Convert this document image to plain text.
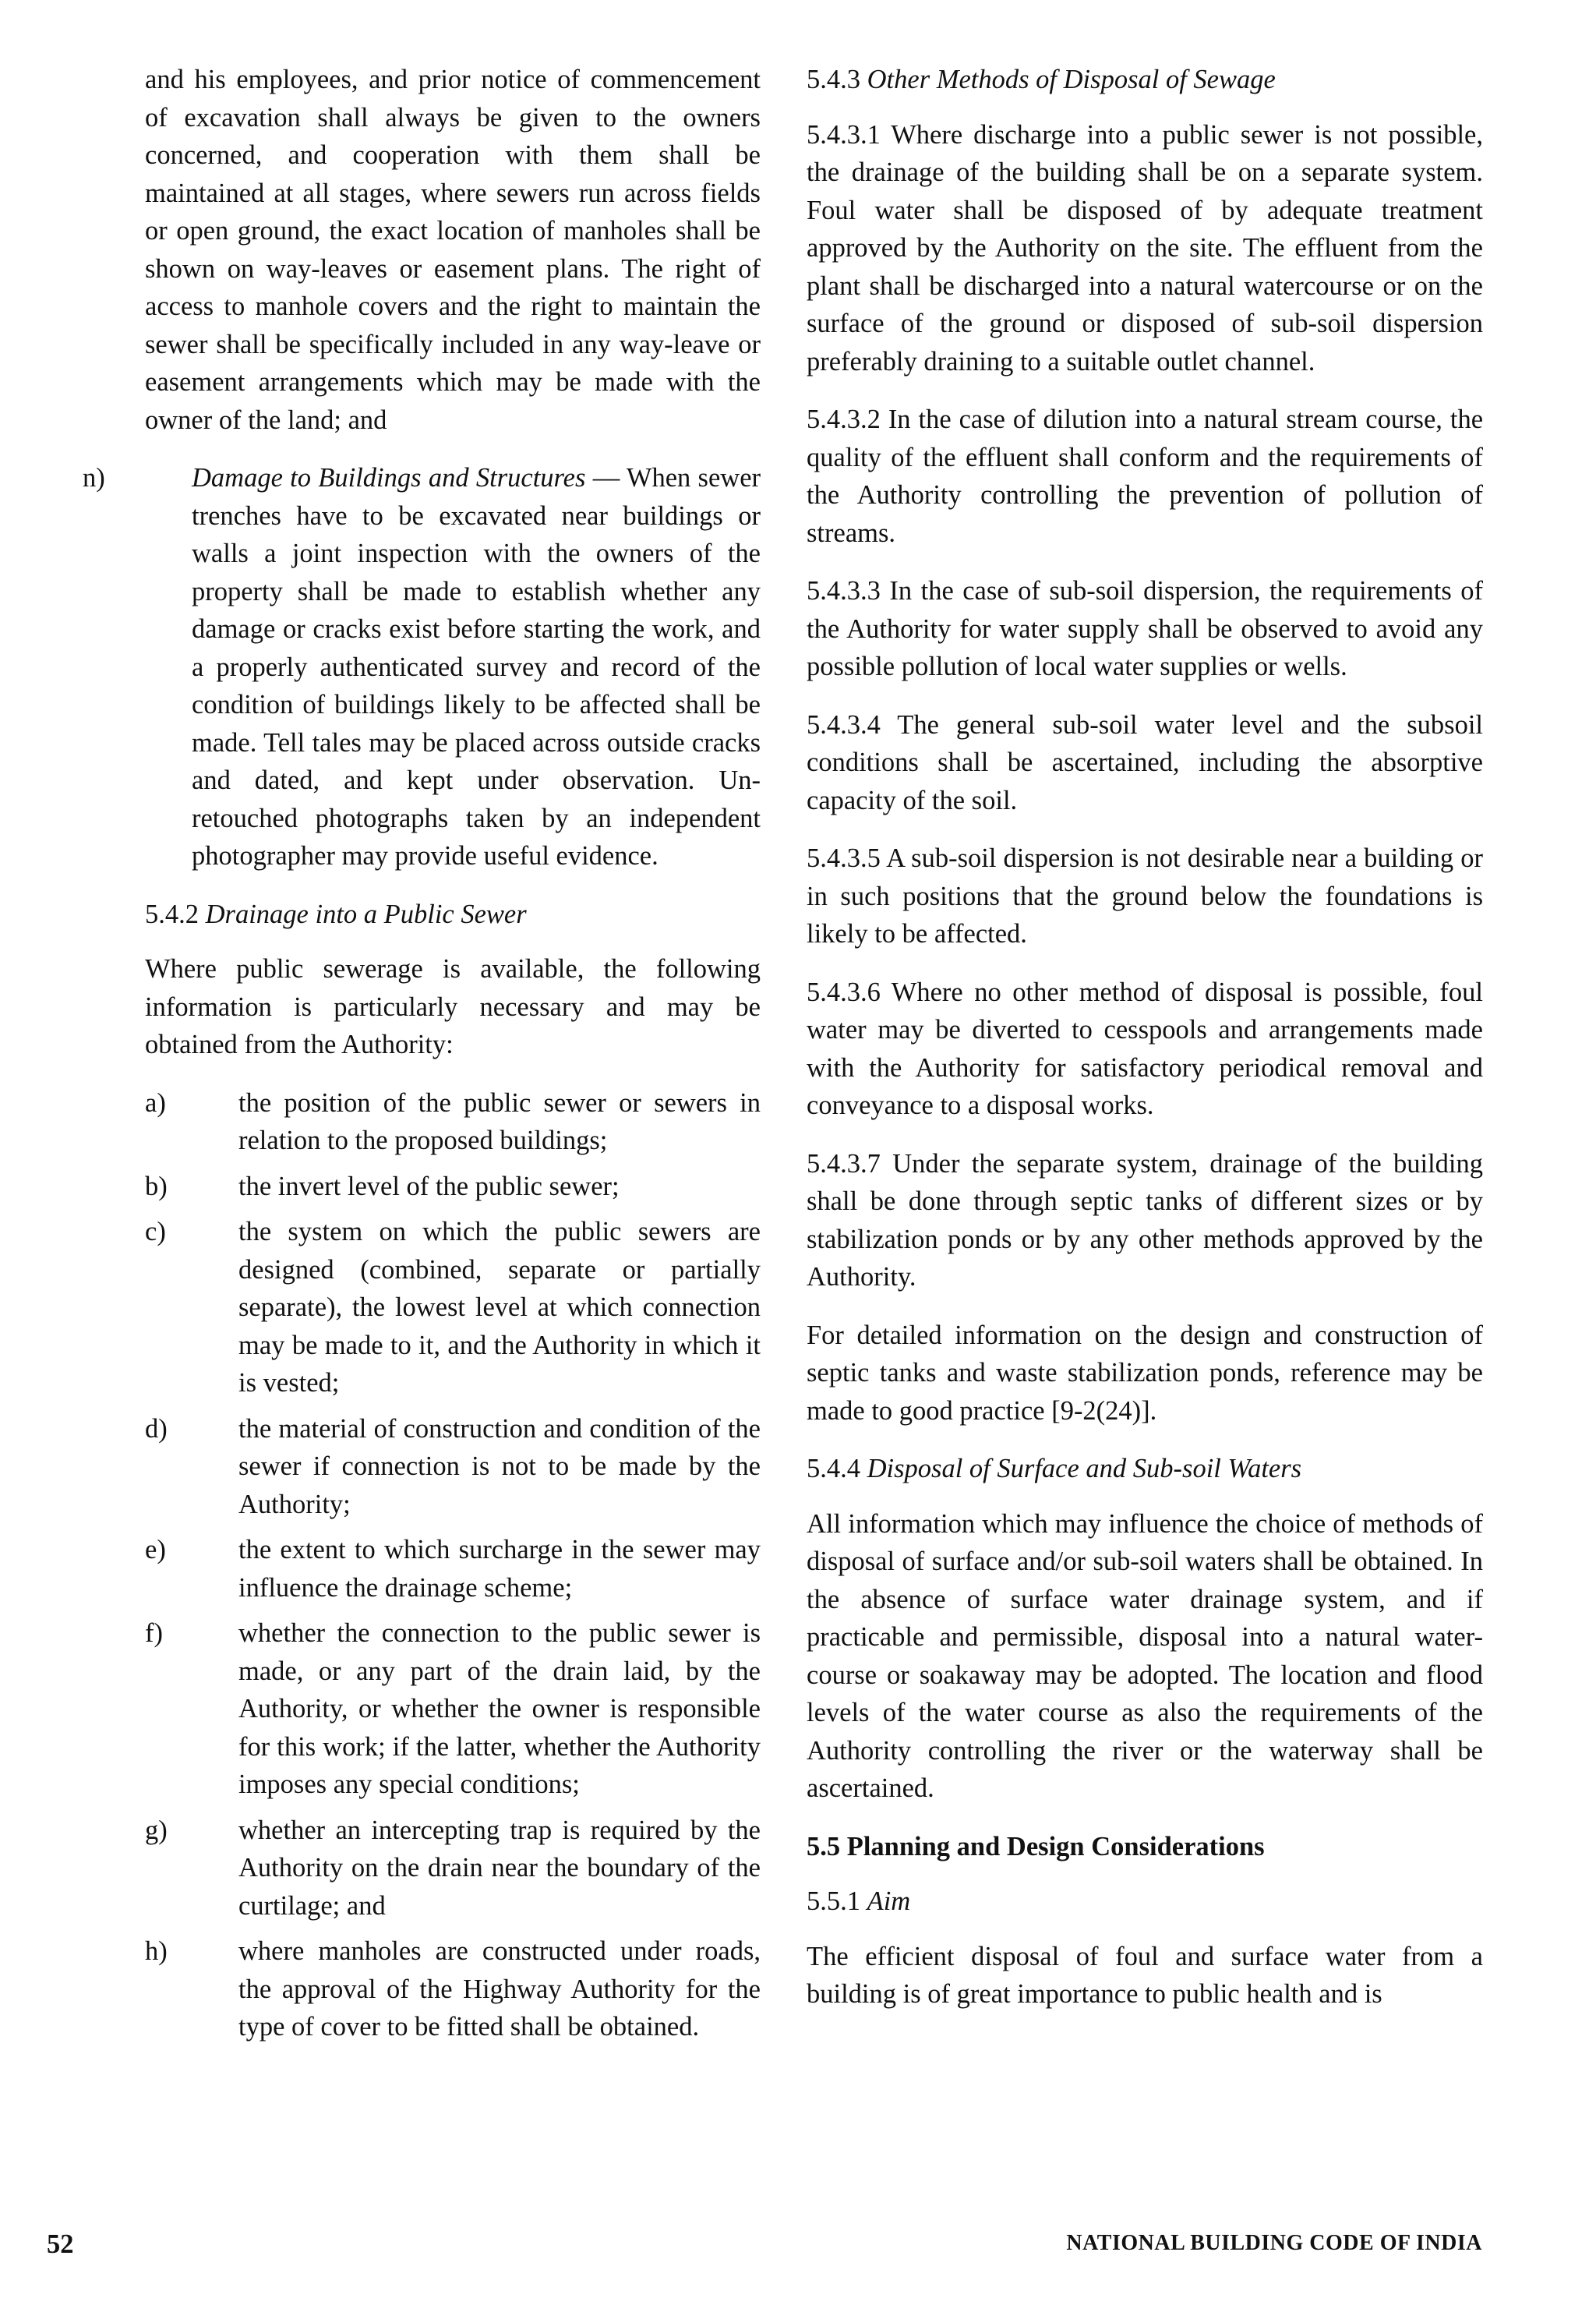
and his employees, and prior notice of commencement of excavation shall always be given to the owners concerned, and cooperation with them shall be maintained at all stages, where sewers run across fields or open ground, the exact location of manholes shall be shown on way-leaves or easement plans. The right of access to manhole covers and the right to maintain the sewer shall be specifically included in any way-leave or easement arrangements which may be made with the owner of the land; and

n)	Damage to Buildings and Structures — When sewer trenches have to be excavated near buildings or walls a joint inspection with the owners of the property shall be made to establish whether any damage or cracks exist before starting the work, and a properly authenticated survey and record of the condition of buildings likely to be affected shall be made. Tell tales may be placed across outside cracks and dated, and kept under observation. Un-retouched photographs taken by an independent photographer may provide useful evidence.

5.4.2 Drainage into a Public Sewer

Where public sewerage is available, the following information is particularly necessary and may be obtained from the Authority:

a)	the position of the public sewer or sewers in relation to the proposed buildings;
b)	the invert level of the public sewer;
c)	the system on which the public sewers are designed (combined, separate or partially separate), the lowest level at which connection may be made to it, and the Authority in which it is vested;
d)	the material of construction and condition of the sewer if connection is not to be made by the Authority;
e)	the extent to which surcharge in the sewer may influence the drainage scheme;
f)	whether the connection to the public sewer is made, or any part of the drain laid, by the Authority, or whether the owner is responsible for this work; if the latter, whether the Authority imposes any special conditions;
g)	whether an intercepting trap is required by the Authority on the drain near the boundary of the curtilage; and
h)	where manholes are constructed under roads, the approval of the Highway Authority for the type of cover to be fitted shall be obtained.

5.4.3 Other Methods of Disposal of Sewage

5.4.3.1 Where discharge into a public sewer is not possible, the drainage of the building shall be on a separate system. Foul water shall be disposed of by adequate treatment approved by the Authority on the site. The effluent from the plant shall be discharged into a natural watercourse or on the surface of the ground or disposed of sub-soil dispersion preferably draining to a suitable outlet channel.

5.4.3.2 In the case of dilution into a natural stream course, the quality of the effluent shall conform and the requirements of the Authority controlling the prevention of pollution of streams.

5.4.3.3 In the case of sub-soil dispersion, the requirements of the Authority for water supply shall be observed to avoid any possible pollution of local water supplies or wells.

5.4.3.4 The general sub-soil water level and the subsoil conditions shall be ascertained, including the absorptive capacity of the soil.

5.4.3.5 A sub-soil dispersion is not desirable near a building or in such positions that the ground below the foundations is likely to be affected.

5.4.3.6 Where no other method of disposal is possible, foul water may be diverted to cesspools and arrangements made with the Authority for satisfactory periodical removal and conveyance to a disposal works.

5.4.3.7 Under the separate system, drainage of the building shall be done through septic tanks of different sizes or by stabilization ponds or by any other methods approved by the Authority.

For detailed information on the design and construction of septic tanks and waste stabilization ponds, reference may be made to good practice [9-2(24)].

5.4.4 Disposal of Surface and Sub-soil Waters

All information which may influence the choice of methods of disposal of surface and/or sub-soil waters shall be obtained. In the absence of surface water drainage system, and if practicable and permissible, disposal into a natural water-course or soakaway may be adopted. The location and flood levels of the water course as also the requirements of the Authority controlling the river or the waterway shall be ascertained.

5.5 Planning and Design Considerations

5.5.1 Aim

The efficient disposal of foul and surface water from a building is of great importance to public health and is

52	NATIONAL BUILDING CODE OF INDIA
